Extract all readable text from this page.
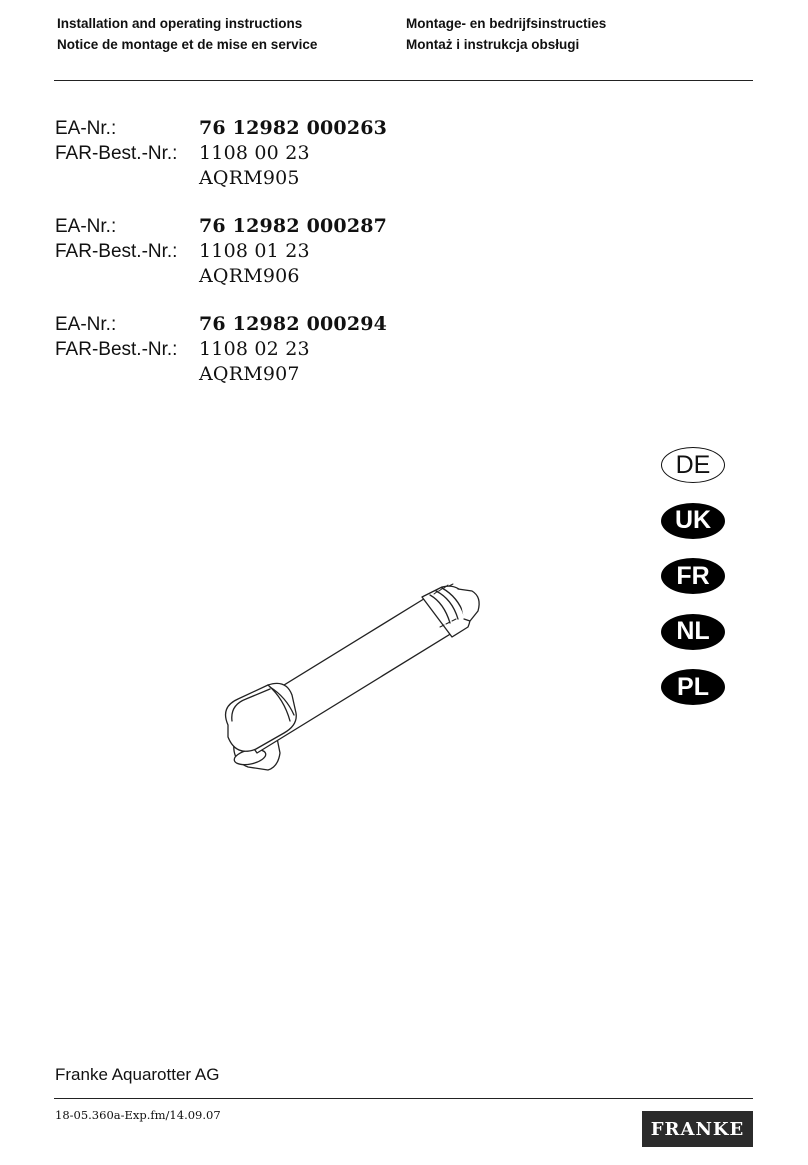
Installation and operating instructions
Notice de montage et de mise en service
Montage- en bedrijfsinstructies
Montaż i instrukcja obsługi
EA-Nr.:	76 12982 000263
FAR-Best.-Nr.: 1108 00 23
AQRM905
EA-Nr.:	76 12982 000287
FAR-Best.-Nr.: 1108 01 23
AQRM906
EA-Nr.:	76 12982 000294
FAR-Best.-Nr.: 1108 02 23
AQRM907
DE
UK
FR
NL
PL
Franke Aquarotter AG
18-05.360a-Exp.fm/14.09.07
FRANKE
